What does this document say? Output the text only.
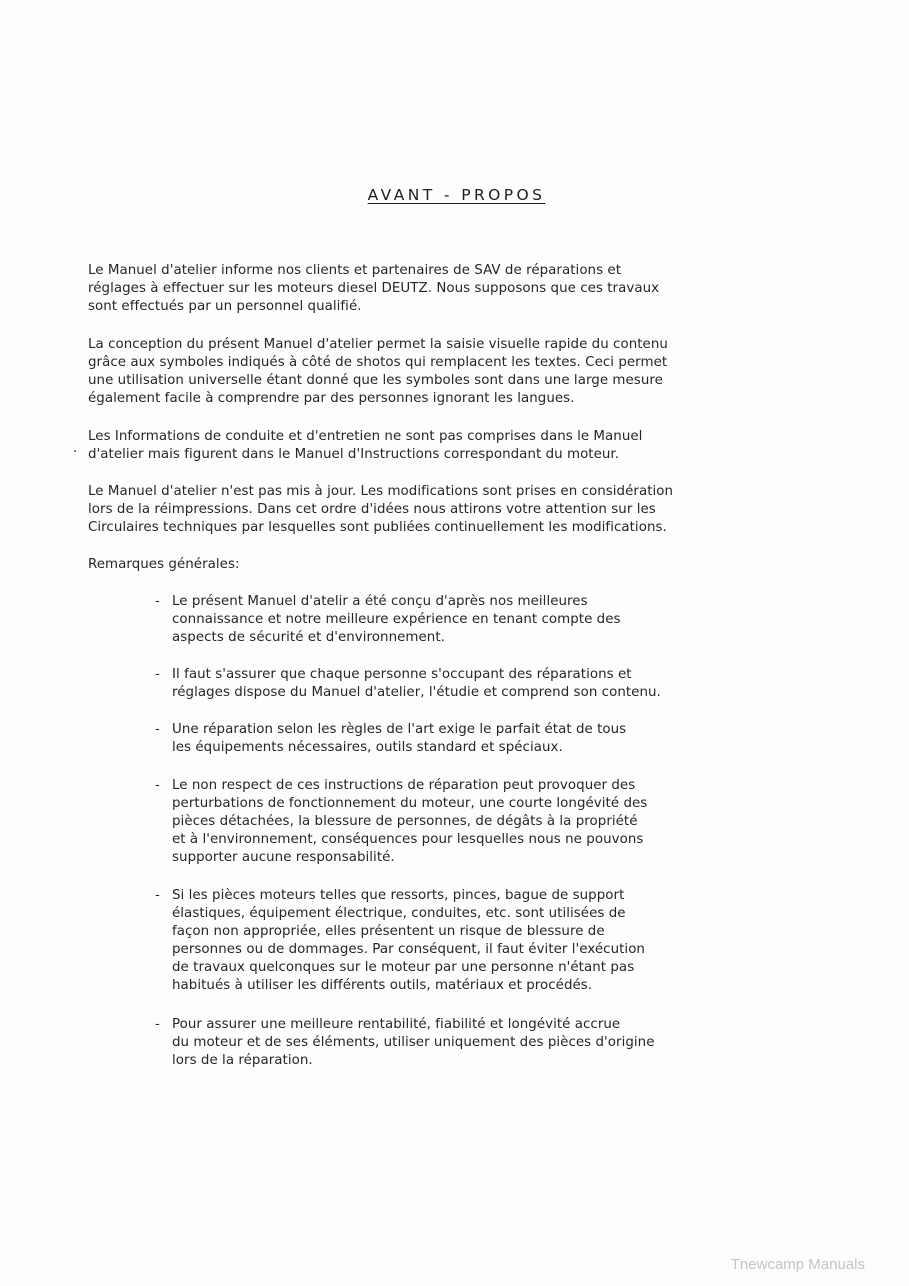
AVANT - PROPOS

Le Manuel d'atelier informe nos clients et partenaires de SAV de réparations et
réglages à effectuer sur les moteurs diesel DEUTZ. Nous supposons que ces travaux
sont effectués par un personnel qualifié.

La conception du présent Manuel d'atelier permet la saisie visuelle rapide du contenu
grâce aux symboles indiqués à côté de shotos qui remplacent les textes. Ceci permet
une utilisation universelle étant donné que les symboles sont dans une large mesure
également facile à comprendre par des personnes ignorant les langues.

Les Informations de conduite et d'entretien ne sont pas comprises dans le Manuel
d'atelier mais figurent dans le Manuel d'Instructions correspondant du moteur.

Le Manuel d'atelier n'est pas mis à jour. Les modifications sont prises en considération
lors de la réimpressions. Dans cet ordre d'idées nous attirons votre attention sur les
Circulaires techniques par lesquelles sont publiées continuellement les modifications.

Remarques générales:

- Le présent Manuel d'atelir a été conçu d'après nos meilleures
connaissance et notre meilleure expérience en tenant compte des
aspects de sécurité et d'environnement.
- Il faut s'assurer que chaque personne s'occupant des réparations et
réglages dispose du Manuel d'atelier, l'étudie et comprend son contenu.
- Une réparation selon les règles de l'art exige le parfait état de tous
les équipements nécessaires, outils standard et spéciaux.
- Le non respect de ces instructions de réparation peut provoquer des
perturbations de fonctionnement du moteur, une courte longévité des
pièces détachées, la blessure de personnes, de dégâts à la propriété
et à l'environnement, conséquences pour lesquelles nous ne pouvons
supporter aucune responsabilité.
- Si les pièces moteurs telles que ressorts, pinces, bague de support
élastiques, équipement électrique, conduites, etc. sont utilisées de
façon non appropriée, elles présentent un risque de blessure de
personnes ou de dommages. Par conséquent, il faut éviter l'exécution
de travaux quelconques sur le moteur par une personne n'étant pas
habitués à utiliser les différents outils, matériaux et procédés.
- Pour assurer une meilleure rentabilité, fiabilité et longévité accrue
du moteur et de ses éléments, utiliser uniquement des pièces d'origine
lors de la réparation.
Tnewcamp Manuals
